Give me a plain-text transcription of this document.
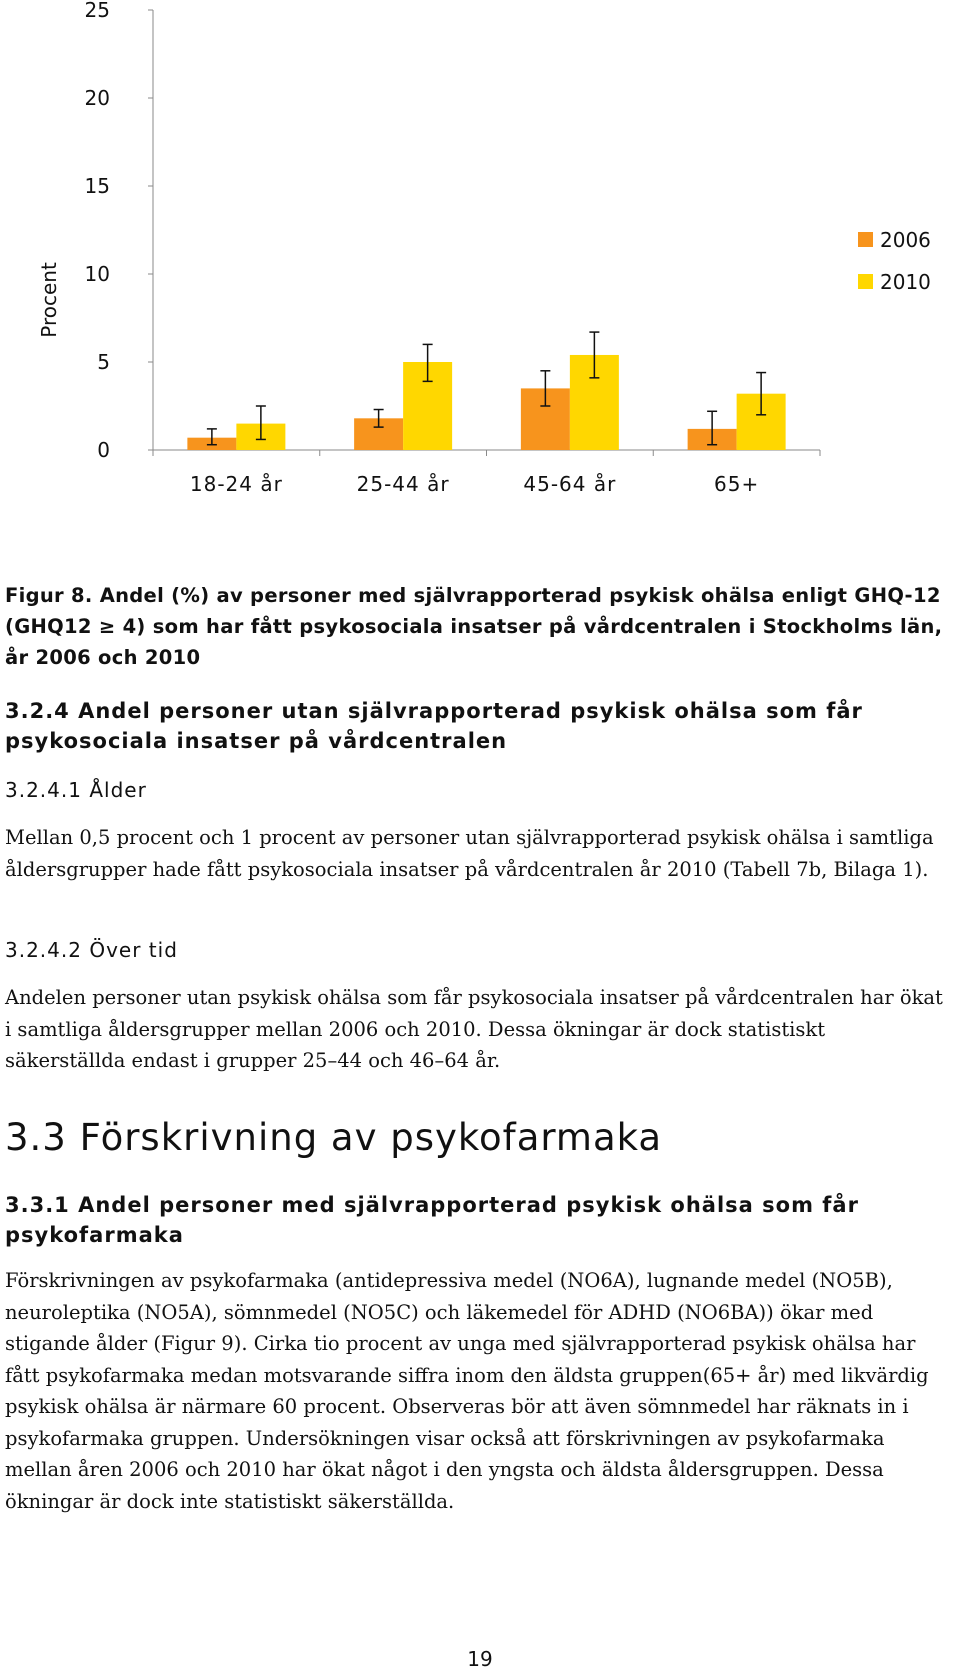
0
5
10
15
20
25
18-24 år	25-44 år	45-64 år	65+
2006
2010
Procent
Figur 8. Andel (%) av personer med självrapporterad psykisk ohälsa enligt GHQ-12 (GHQ12 ≥ 4) som har fått psykosociala insatser på vårdcentralen i Stockholms län, år 2006 och 2010
3.2.4 Andel personer utan självrapporterad psykisk ohälsa som får psykosociala insatser på vårdcentralen
3.2.4.1 Ålder
Mellan 0,5 procent och 1 procent av personer utan självrapporterad psykisk ohälsa i samtliga åldersgrupper hade fått psykosociala insatser på vårdcentralen år 2010 (Tabell 7b, Bilaga 1).
3.2.4.2 Över tid
Andelen personer utan psykisk ohälsa som får psykosociala insatser på vårdcentralen har ökat i samtliga åldersgrupper mellan 2006 och 2010. Dessa ökningar är dock statistiskt säkerställda endast i grupper 25–44 och 46–64 år.
3.3 Förskrivning av psykofarmaka
3.3.1 Andel personer med självrapporterad psykisk ohälsa som får psykofarmaka
Förskrivningen av psykofarmaka (antidepressiva medel (NO6A), lugnande medel (NO5B), neuroleptika (NO5A), sömnmedel (NO5C) och läkemedel för ADHD (NO6BA)) ökar med stigande ålder (Figur 9). Cirka tio procent av unga med självrapporterad psykisk ohälsa har fått psykofarmaka medan motsvarande siffra inom den äldsta gruppen(65+ år) med likvärdig psykisk ohälsa är närmare 60 procent. Observeras bör att även sömnmedel har räknats in i psykofarmaka gruppen. Undersökningen visar också att förskrivningen av psykofarmaka mellan åren 2006 och 2010 har ökat något i den yngsta och äldsta åldersgruppen. Dessa ökningar är dock inte statistiskt säkerställda.
19
